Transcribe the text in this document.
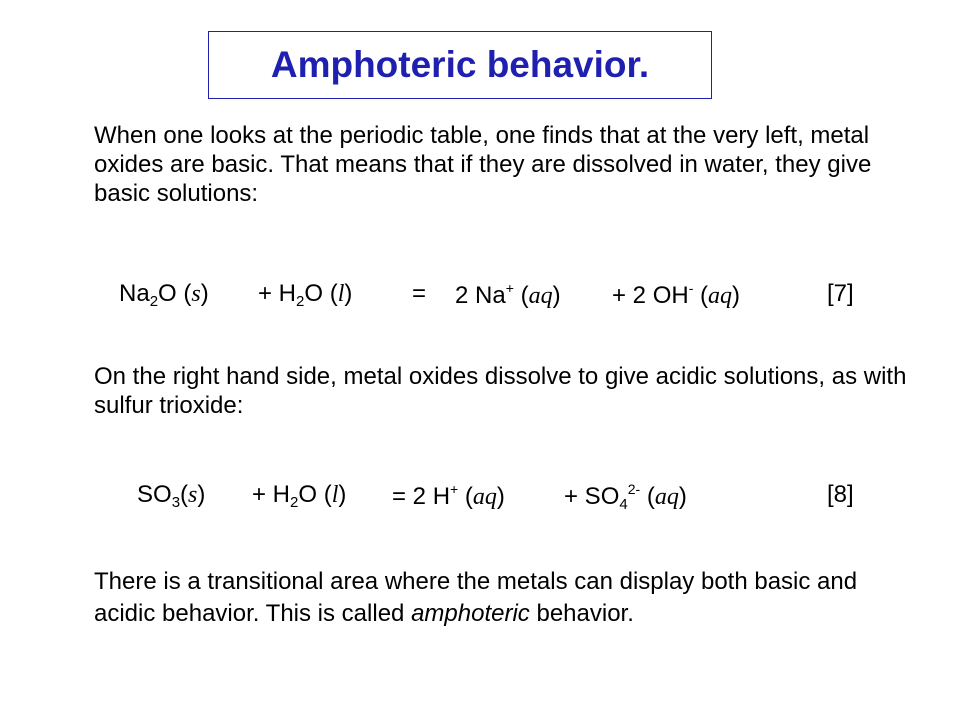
Amphoteric behavior.

When one looks at the periodic table, one finds that at the very left, metal oxides are basic. That means that if they are dissolved in water, they give basic solutions:

$Na_2O$ $(s) + H_2O$ (l) = 2 Na+ (aq) + 2 OH- (aq)	[7]

On the right hand side, metal oxides dissolve to give acidic solutions, as with sulfur trioxide:

$SO_3(s) + H_2O$ (l) = 2 H+ $(aq) + SO_4^{2-}$ (aq)	[8]

There is a transitional area where the metals can display both basic and acidic behavior. This is called amphoteric behavior.
